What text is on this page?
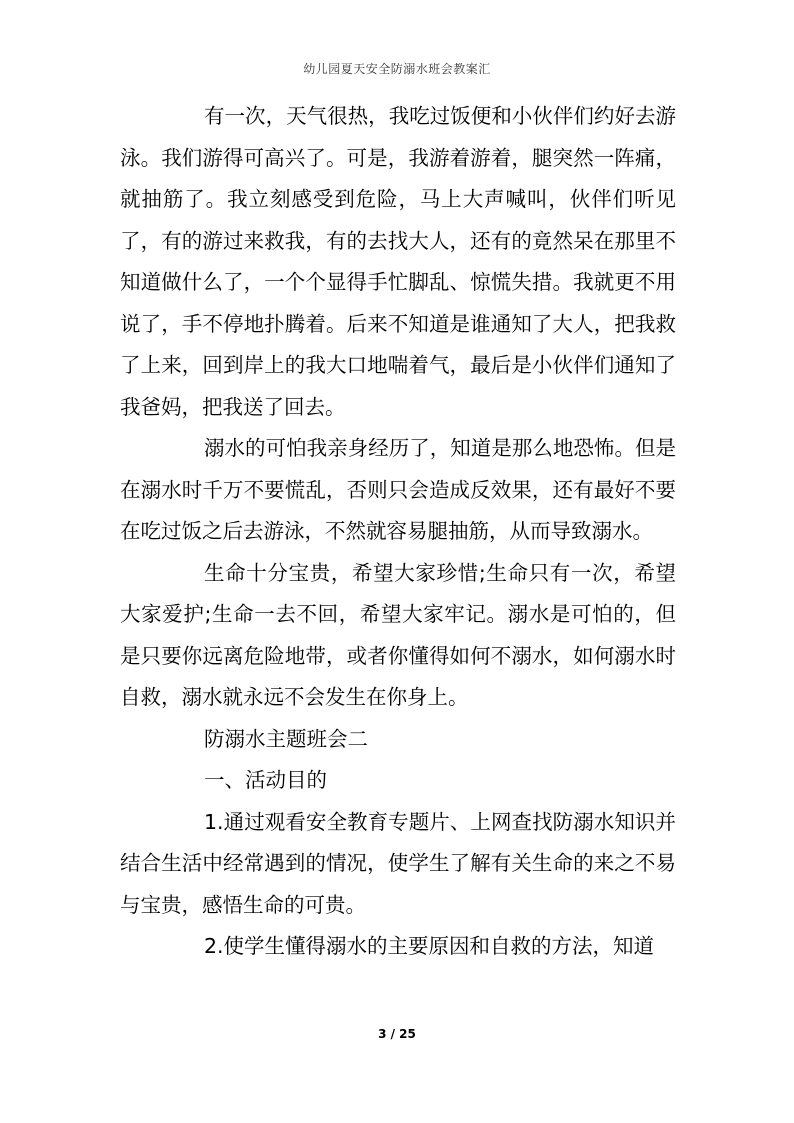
幼儿园夏天安全防溺水班会教案汇

有一次，天气很热，我吃过饭便和小伙伴们约好去游泳。我们游得可高兴了。可是，我游着游着，腿突然一阵痛，就抽筋了。我立刻感受到危险，马上大声喊叫，伙伴们听见了，有的游过来救我，有的去找大人，还有的竟然呆在那里不知道做什么了，一个个显得手忙脚乱、惊慌失措。我就更不用说了，手不停地扑腾着。后来不知道是谁通知了大人，把我救了上来，回到岸上的我大口地喘着气，最后是小伙伴们通知了我爸妈，把我送了回去。

溺水的可怕我亲身经历了，知道是那么地恐怖。但是在溺水时千万不要慌乱，否则只会造成反效果，还有最好不要在吃过饭之后去游泳，不然就容易腿抽筋，从而导致溺水。

生命十分宝贵，希望大家珍惜;生命只有一次，希望大家爱护;生命一去不回，希望大家牢记。溺水是可怕的，但是只要你远离危险地带，或者你懂得如何不溺水，如何溺水时自救，溺水就永远不会发生在你身上。

防溺水主题班会二

一、活动目的

1.通过观看安全教育专题片、上网查找防溺水知识并结合生活中经常遇到的情况，使学生了解有关生命的来之不易与宝贵，感悟生命的可贵。

2.使学生懂得溺水的主要原因和自救的方法，知道

3 / 25
